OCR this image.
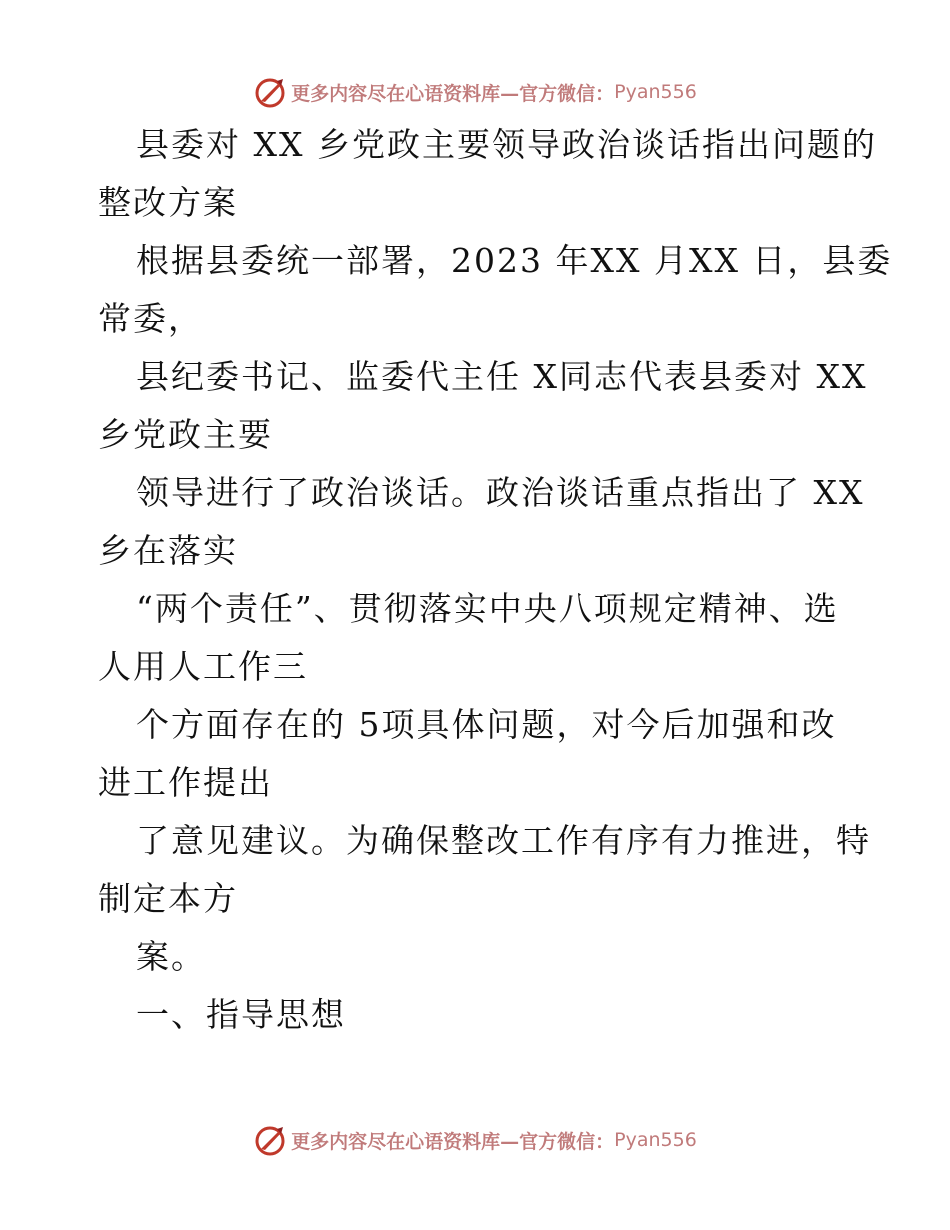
更多内容尽在心语资料库—官方微信： Pyan556
县委对 XX 乡党政主要领导政治谈话指出问题的
整改方案
根据县委统一部署，2023 年XX 月XX 日，县委
常委，
县纪委书记、监委代主任 X同志代表县委对 XX
乡党政主要
领导进行了政治谈话。政治谈话重点指出了 XX
乡在落实
“两个责任”、贯彻落实中央八项规定精神、选
人用人工作三
个方面存在的 5项具体问题，对今后加强和改
进工作提出
了意见建议。为确保整改工作有序有力推进，特
制定本方
案。
一、指导思想
更多内容尽在心语资料库—官方微信： Pyan556
